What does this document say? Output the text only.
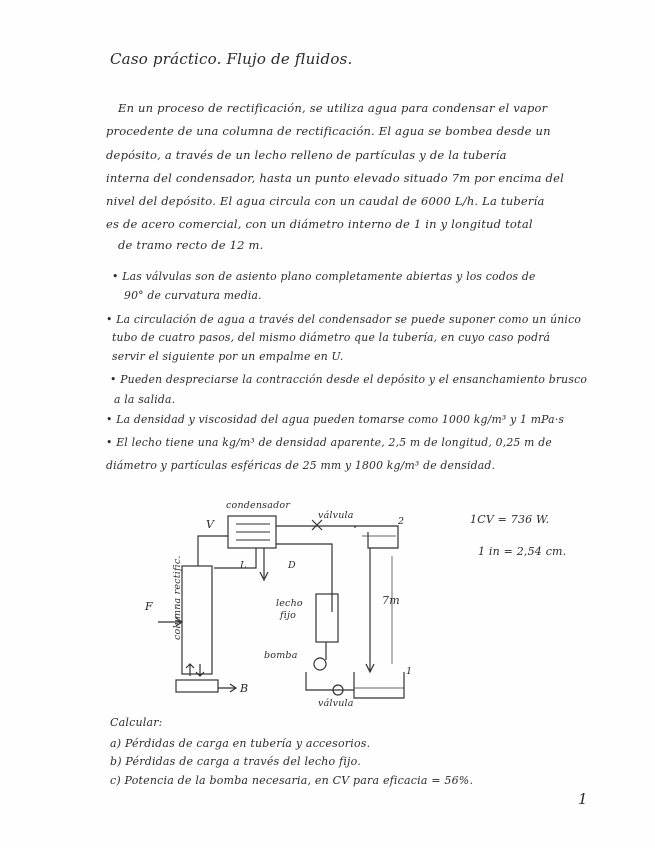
Caso práctico. Flujo de fluidos.
En un proceso de rectificación, se utiliza agua para condensar el vapor
procedente de una columna de rectificación. El agua se bombea desde un
depósito, a través de un lecho relleno de partículas y de la tubería
interna del condensador, hasta un punto elevado situado 7m por encima del
nivel del depósito. El agua circula con un caudal de 6000 L/h. La tubería
es de acero comercial, con un diámetro interno de 1 in y longitud total
de tramo recto de 12 m.
• Las válvulas son de asiento plano completamente abiertas y los codos de
90° de curvatura media.
• La circulación de agua a través del condensador se puede suponer como un único
tubo de cuatro pasos, del mismo diámetro que la tubería, en cuyo caso podrá
servir el siguiente por un empalme en U.
• Pueden despreciarse la contracción desde el depósito y el ensanchamiento brusco
a la salida.
• La densidad y viscosidad del agua pueden tomarse como 1000 kg/m³ y 1 mPa·s
• El lecho tiene una kg/m³ de densidad aparente, 2,5 m de longitud, 0,25 m de
diámetro y partículas esféricas de 25 mm y 1800 kg/m³ de densidad.
condensador
V
válvula
L	D
lecho
fijo
F columna rectific.
bomba
válvula
B
7m
2
1
1CV = 736 W.
1 in = 2,54 cm.
Calcular:
a) Pérdidas de carga en tubería y accesorios.
b) Pérdidas de carga a través del lecho fijo.
c) Potencia de la bomba necesaria, en CV para eficacia = 56%.
1
